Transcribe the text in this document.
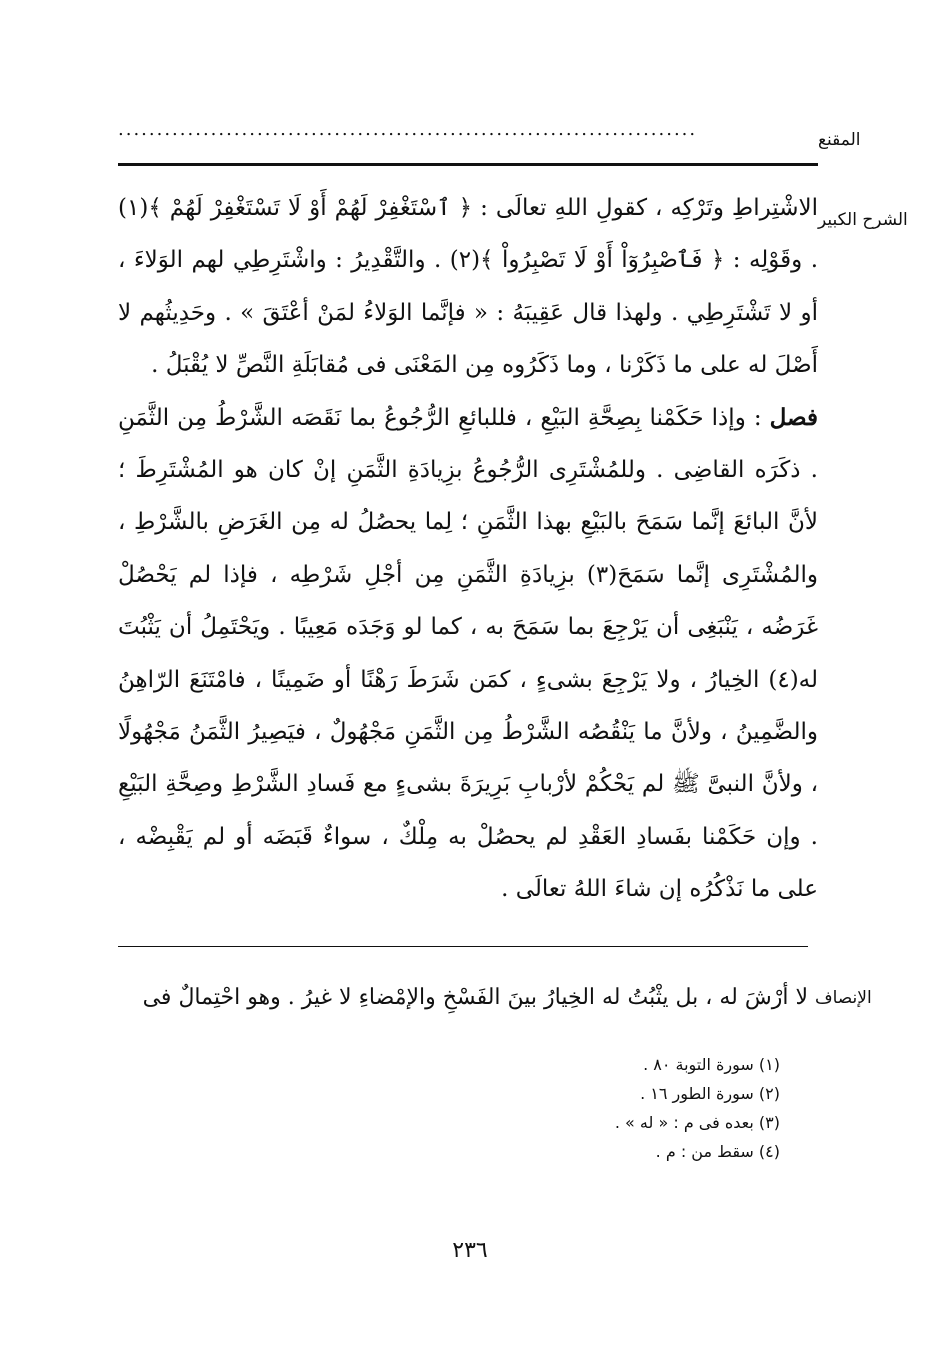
المقنع
...........................................................................
الشرح الكبير

الاشْتِراطِ وتَرْكِه ، كقولِ اللهِ تعالَى : ﴿ ٱسْتَغْفِرْ لَهُمْ أَوْ لَا تَسْتَغْفِرْ لَهُمْ ﴾(١) . وقَوْلِه : ﴿ فَٱصْبِرُوٓاْ أَوْ لَا تَصْبِرُواْ ﴾(٢) . والتَّقْدِيرُ : واشْتَرِطِي لهم الوَلاءَ ، أو لا تَشْتَرِطِي . ولهذا قال عَقِيبَهُ : « فإنَّما الوَلاءُ لمَنْ أعْتَقَ » . وحَدِيثُهم لا أَصْلَ له على ما ذَكَرْنا ، وما ذَكَرُوه مِن المَعْنَى فى مُقابَلَةِ النَّصِّ لا يُقْبَلُ .

فصل : وإذا حَكَمْنا بِصِحَّةِ البَيْعِ ، فللبائعِ الرُّجُوعُ بما نَقَصَه الشَّرْطُ مِن الثَّمَنِ . ذكَرَه القاضِى . وللمُشْتَرِى الرُّجُوعُ بزِيادَةِ الثَّمَنِ إنْ كان هو المُشْتَرِطَ ؛ لأنَّ البائعَ إنَّما سَمَحَ بالبَيْعِ بهذا الثَّمَنِ ؛ لِما يحصُلُ له مِن الغَرَضِ بالشَّرْطِ ، والمُشْتَرِى إنَّما سَمَحَ(٣) بزِيادَةِ الثَّمَنِ مِن أجْلِ شَرْطِه ، فإذا لم يَحْصُلْ غَرَضُه ، يَنْبَغِى أن يَرْجِعَ بما سَمَحَ به ، كما لو وَجَدَه مَعِيبًا . ويَحْتَمِلُ أن يَثْبُتَ له(٤) الخِيارُ ، ولا يَرْجِعَ بشىءٍ ، كمَن شَرَطَ رَهْنًا أو ضَمِينًا ، فامْتَنَعَ الرّاهِنُ والضَّمِينُ ، ولأنَّ ما يَنْقُصُه الشَّرْطُ مِن الثَّمَنِ مَجْهُولٌ ، فيَصِيرُ الثَّمَنُ مَجْهُولًا ، ولأنَّ النبىَّ ﷺ لم يَحْكُمْ لأرْبابِ بَرِيرَةَ بشىءٍ مع فَسادِ الشَّرْطِ وصِحَّةِ البَيْعِ . وإن حَكَمْنا بفَسادِ العَقْدِ لم يحصُلْ به مِلْكٌ ، سواءٌ قَبَضَه أو لم يَقْبِضْه ، على ما نَذْكُرُه إن شاءَ اللهُ تعالَى .

الإنصاف
لا أرْشَ له ، بل يثْبُتُ له الخِيارُ بينَ الفَسْخِ والإمْضاءِ لا غيرُ . وهو احْتِمالٌ فى
(١) سورة التوبة ٨٠ .
(٢) سورة الطور ١٦ .
(٣) بعده فى م : « له » .
(٤) سقط من : م .
٢٣٦
